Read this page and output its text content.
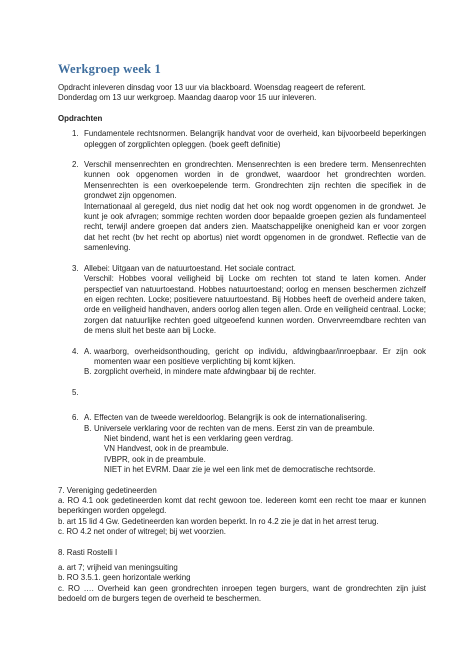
Werkgroep week 1

Opdracht inleveren dinsdag voor 13 uur via blackboard. Woensdag reageert de referent.

Donderdag om 13 uur werkgroep. Maandag daarop voor 15 uur inleveren.

Opdrachten

1. Fundamentele rechtsnormen. Belangrijk handvat voor de overheid, kan bijvoorbeeld beperkingen opleggen of zorgplichten opleggen. (boek geeft definitie)

2. Verschil mensenrechten en grondrechten. Mensenrechten is een bredere term. Mensenrechten kunnen ook opgenomen worden in de grondwet, waardoor het grondrechten worden. Mensenrechten is een overkoepelende term. Grondrechten zijn rechten die specifiek in de grondwet zijn opgenomen.

Internationaal al geregeld, dus niet nodig dat het ook nog wordt opgenomen in de grondwet. Je kunt je ook afvragen; sommige rechten worden door bepaalde groepen gezien als fundamenteel recht, terwijl andere groepen dat anders zien. Maatschappelijke onenigheid kan er voor zorgen dat het recht (bv het recht op abortus) niet wordt opgenomen in de grondwet. Reflectie van de samenleving.

3. Allebei: Uitgaan van de natuurtoestand. Het sociale contract.

Verschil: Hobbes vooral veiligheid bij Locke om rechten tot stand te laten komen. Ander perspectief van natuurtoestand. Hobbes natuurtoestand; oorlog en mensen beschermen zichzelf en eigen rechten. Locke; positievere natuurtoestand. Bij Hobbes heeft de overheid andere taken, orde en veiligheid handhaven, anders oorlog allen tegen allen. Orde en veiligheid centraal. Locke; zorgen dat natuurlijke rechten goed uitgeoefend kunnen worden. Onvervreemdbare rechten van de mens sluit het beste aan bij Locke.

4. A. waarborg, overheidsonthouding, gericht op individu, afdwingbaar/inroepbaar. Er zijn ook momenten waar een positieve verplichting bij komt kijken.

B. zorgplicht overheid, in mindere mate afdwingbaar bij de rechter.

5.

6. A. Effecten van de tweede wereldoorlog. Belangrijk is ook de internationalisering.

B. Universele verklaring voor de rechten van de mens. Eerst zin van de preambule.

Niet bindend, want het is een verklaring geen verdrag.

VN Handvest, ook in de preambule.

IVBPR, ook in de preambule.

NIET in het EVRM. Daar zie je wel een link met de democratische rechtsorde.

7. Vereniging gedetineerden

a. RO 4.1 ook gedetineerden komt dat recht gewoon toe. Iedereen komt een recht toe maar er kunnen beperkingen worden opgelegd.

b. art 15 lid 4 Gw. Gedetineerden kan worden beperkt. In ro 4.2 zie je dat in het arrest terug.

c. RO 4.2 net onder of witregel; bij wet voorzien.

8. Rasti Rostelli I

a. art 7; vrijheid van meningsuiting

b. RO 3.5.1. geen horizontale werking

c. RO …. Overheid kan geen grondrechten inroepen tegen burgers, want de grondrechten zijn juist bedoeld om de burgers tegen de overheid te beschermen.
